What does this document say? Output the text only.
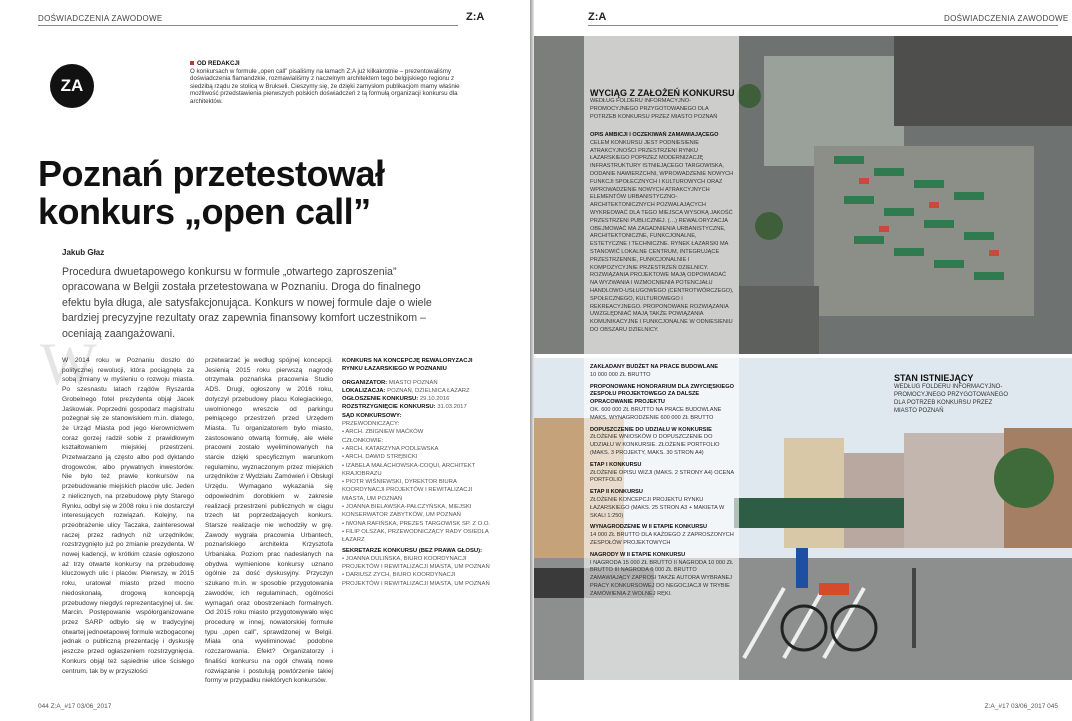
DOŚWIADCZENIA ZAWODOWE	Z:A
ZA
OD REDAKCJI
O konkursach w formule „open call” pisaliśmy na łamach Z:A już kilkakrotnie – prezentowaliśmy doświadczenia flamandzkie, rozmawialiśmy z naczelnym architektem tego belgijskiego regionu z siedzibą rządu ze stolicą w Brukseli. Cieszymy się, że dzięki zamysłom publikacjom mamy właśnie możliwość przedstawienia pierwszych polskich doświadczeń z tą formułą organizacji konkursu dla architektów.
Poznań przetestował
konkurs „open call”
Jakub Głaz
Procedura dwuetapowego konkursu w formule „otwartego zaproszenia” opracowana w Belgii została przetestowana w Poznaniu. Droga do finalnego efektu była długa, ale satysfakcjonująca. Konkurs w nowej formule daje o wiele bardziej precyzyjne rezultaty oraz zapewnia finansowy komfort uczestnikom – oceniają zaangażowani.
W
W 2014 roku w Poznaniu doszło do politycznej rewolucji, która pociągnęła za sobą zmiany w myśleniu o rozwoju miasta. Po szesnastu latach rządów Ryszarda Grobelnego fotel prezydenta objął Jacek Jaśkowiak. Poprzedni gospodarz magistratu pożegnał się ze stanowiskiem m.in. dlatego, że Urząd Miasta pod jego kierownictwem coraz gorzej radził sobie z prawidłowym kształtowaniem miejskiej przestrzeni. Przetwarzano ją często albo pod dyktando drogowców, albo prywatnych inwestorów. Nie było też prawie konkursów na przebudowanie miejskich placów ulic. Jeden z nielicznych, na przebudowę płyty Starego Rynku, odbył się w 2008 roku i nie dostarczył interesujących rozwiązań. Kolejny, na przeobrażenie ulicy Taczaka, zainteresował raczej przez radnych niż urzędników, rozstrzygnięto już po zmianie prezydenta. W nowej kadencji, w krótkim czasie ogłoszono aż trzy otwarte konkursy na przebudowę kluczowych ulic i placów. Pierwszy, w 2015 roku, uratował miasto przed mocno niedoskonałą, drogową koncepcją przebudowy niegdyś reprezentacyjnej ul. św. Marcin. Postępowanie współorganizowane przez SARP odbyło się w tradycyjnej otwartej jednoetapowej formule wzbogaconej jednak o publiczną prezentację i dyskusję jeszcze przed ogłaszeniem rozstrzygnięcia. Konkurs objął też sąsiednie ulice ścisłego centrum, tak by w przyszłości
przetwarzać je według spójnej koncepcji. Jesienią 2015 roku pierwszą nagrodę otrzymała poznańska pracownia Studio ADS. Drugi, ogłoszony w 2016 roku, dotyczył przebudowy placu Kolegiackiego, uwolnionego wreszcie od parkingu pełniącego przestrzeń przed Urzędem Miasta. Tu organizatorem było miasto, zastosowano otwartą formułę, ale wiele pracowni zostało wyeliminowanych na starcie dzięki specyficznym warunkom regulaminu, wyznaczonym przez miejskich urzędników z Wydziału Zamówień i Obsługi Urzędu. Wymagano wykazania się odpowiednim dorobkiem w zakresie realizacji przestrzeni publicznych w ciągu trzech lat poprzedzających konkurs. Starsze realizacje nie wchodziły w grę. Zawody wygrała pracownia Urbantech, poznańskiego architekta Krzysztofa Urbaniaka. Poziom prac nadesłanych na obydwa wymienione konkursy uznano ogólnie za dość dyskusyjny. Przyczyn szukano m.in. w sposobie przygotowania zawodów, ich regulaminach, ogólności wymagań oraz obostrzeniach formalnych. Od 2015 roku miasto przygotowywało więc procedurę w innej, nowatorskiej formule typu „open call”, sprawdzonej w Belgii. Miała ona wyeliminować podobne rozczarowania. Efekt? Organizatorzy i finaliści konkursu na ogół chwalą nowe rozwiązanie i postulują powtórzenie takiej formy w przypadku niektórych konkursów.
KONKURS NA KONCEPCJĘ REWALORYZACJI RYNKU ŁAZARSKIEGO W POZNANIU
ORGANIZATOR: MIASTO POZNAŃ
LOKALIZACJA: POZNAŃ, DZIELNICA ŁAZARZ
OGŁOSZENIE KONKURSU: 29.10.2016
ROZSTRZYGNIĘCIE KONKURSU: 31.03.2017
SĄD KONKURSOWY:
PRZEWODNICZĄCY:
• ARCH. ZBIGNIEW MAĆKÓW
CZŁONKOWIE:
• ARCH. KATARZYNA PODLEWSKA
• ARCH. DAWID STRĘBICKI
• IZABELA MAŁACHOWSKA-COQUI, ARCHITEKT KRAJOBRAZU
• PIOTR WIŚNIEWSKI, DYREKTOR BIURA KOORDYNACJI PROJEKTÓW I REWITALIZACJI MIASTA, UM POZNAŃ
• JOANNA BIELAWSKA-PAŁCZYŃSKA, MIEJSKI KONSERWATOR ZABYTKÓW, UM POZNAŃ
• IWONA RAFIŃSKA, PREZES TARGOWISK SP. Z O.O.
• FILIP OLSZAK, PRZEWODNICZĄCY RADY OSIEDLA ŁAZARZ
SEKRETARZE KONKURSU (BEZ PRAWA GŁOSU):
• JOANNA DULIŃSKA, BIURO KOORDYNACJI PROJEKTÓW I REWITALIZACJI MIASTA, UM POZNAŃ
• DARIUSZ ZYCH, BIURO KOORDYNACJI PROJEKTÓW I REWITALIZACJI MIASTA, UM POZNAŃ
044 Z:A_#17 03/06_2017
Z:A	DOŚWIADCZENIA ZAWODOWE
WYCIĄG Z ZAŁOŻEŃ KONKURSU
WEDŁUG FOLDERU INFORMACYJNO-PROMOCYJNEGO PRZYGOTOWANEGO DLA POTRZEB KONKURSU PRZEZ MIASTO POZNAŃ
OPIS AMBICJI I OCZEKIWAŃ ZAMAWIAJĄCEGO
CELEM KONKURSU JEST PODNIESIENIE ATRAKCYJNOŚCI PRZESTRZENI RYNKU ŁAZARSKIEGO POPRZEZ MODERNIZACJĘ INFRASTRUKTURY ISTNIEJĄCEGO TARGOWISKA, DODANIE NAWIERZCHNI, WPROWADZENIE NOWYCH FUNKCJI SPOŁECZNYCH I KULTUROWYCH ORAZ WPROWADZENIE NOWYCH ATRAKCYJNYCH ELEMENTÓW URBANISTYCZNO-ARCHITEKTONICZNYCH POZWALAJĄCYCH WYKREOWAĆ DLA TEGO MIEJSCA WYSOKĄ JAKOŚĆ PRZESTRZENI PUBLICZNEJ. (…) REWALORYZACJA OBEJMOWAĆ MA ZAGADNIENIA URBANISTYCZNE, ARCHITEKTONICZNE, FUNKCJONALNE, ESTETYCZNE I TECHNICZNE. RYNEK ŁAZARSKI MA STANOWIĆ LOKALNE CENTRUM, INTEGRUJĄCE PRZESTRZENNIE, FUNKCJONALNIE I KOMPOZYCYJNIE PRZESTRZEŃ DZIELNICY. ROZWIĄZANIA PROJEKTOWE MAJĄ ODPOWIADAĆ NA WYZWANIA I WZMOCNIENIA POTENCJAŁU HANDLOWO-USŁUGOWEGO (CENTROTWÓRCZEGO), SPOŁECZNEGO, KULTUROWEGO I REKREACYJNEGO. PROPONOWANE ROZWIĄZANIA UWZGLĘDNIAĆ MAJĄ TAKŻE POWIĄZANIA KOMUNIKACYJNE I FUNKCJONALNE W ODNIESIENIU DO OBSZARU DZIELNICY.
ZAKŁADANY BUDŻET NA PRACE BUDOWLANE
10 000 000 ZŁ BRUTTO
PROPONOWANE HONORARIUM DLA ZWYCIĘSKIEGO ZESPOŁU PROJEKTOWEGO ZA DALSZE OPRACOWANIE PROJEKTU
OK. 600 000 ZŁ BRUTTO NA PRACE BUDOWLANE MAKS. WYNAGRODZENIE 600 000 ZŁ BRUTTO
DOPUSZCZENIE DO UDZIAŁU W KONKURSIE
ZŁOŻENIE WNIOSKÓW O DOPUSZCZENIE DO UDZIAŁU W KONKURSIE. ZŁOŻENIE PORTFOLIO (MAKS. 3 PROJEKTY, MAKS. 30 STRON A4)
ETAP I KONKURSU
ZŁOŻENIE OPISU WIZJI (MAKS. 2 STRONY A4) OCENA PORTFOLIO
ETAP II KONKURSU
ZŁOŻENIE KONCEPCJI PROJEKTU RYNKU ŁAZARSKIEGO (MAKS. 25 STRON A3 + MAKIETA W SKALI 1:250)
WYNAGRODZENIE W II ETAPIE KONKURSU
14 000 ZŁ BRUTTO DLA KAŻDEGO Z ZAPROSZONYCH ZESPOŁÓW PROJEKTOWYCH
NAGRODY W II ETAPIE KONKURSU
I NAGRODA 15 000 ZŁ BRUTTO II NAGRODA 10 000 ZŁ BRUTTO III NAGRODA 6 000 ZŁ BRUTTO ZAMAWIAJĄCY ZAPROSI TAKŻE AUTORA WYBRANEJ PRACY KONKURSOWEJ DO NEGOCJACJI W TRYBIE ZAMÓWIENIA Z WOLNEJ RĘKI.
STAN ISTNIEJĄCY
WEDŁUG FOLDERU INFORMACYJNO-PROMOCYJNEGO PRZYGOTOWANEGO DLA POTRZEB KONKURSU PRZEZ MIASTO POZNAŃ
Z:A_#17 03/06_2017 045
